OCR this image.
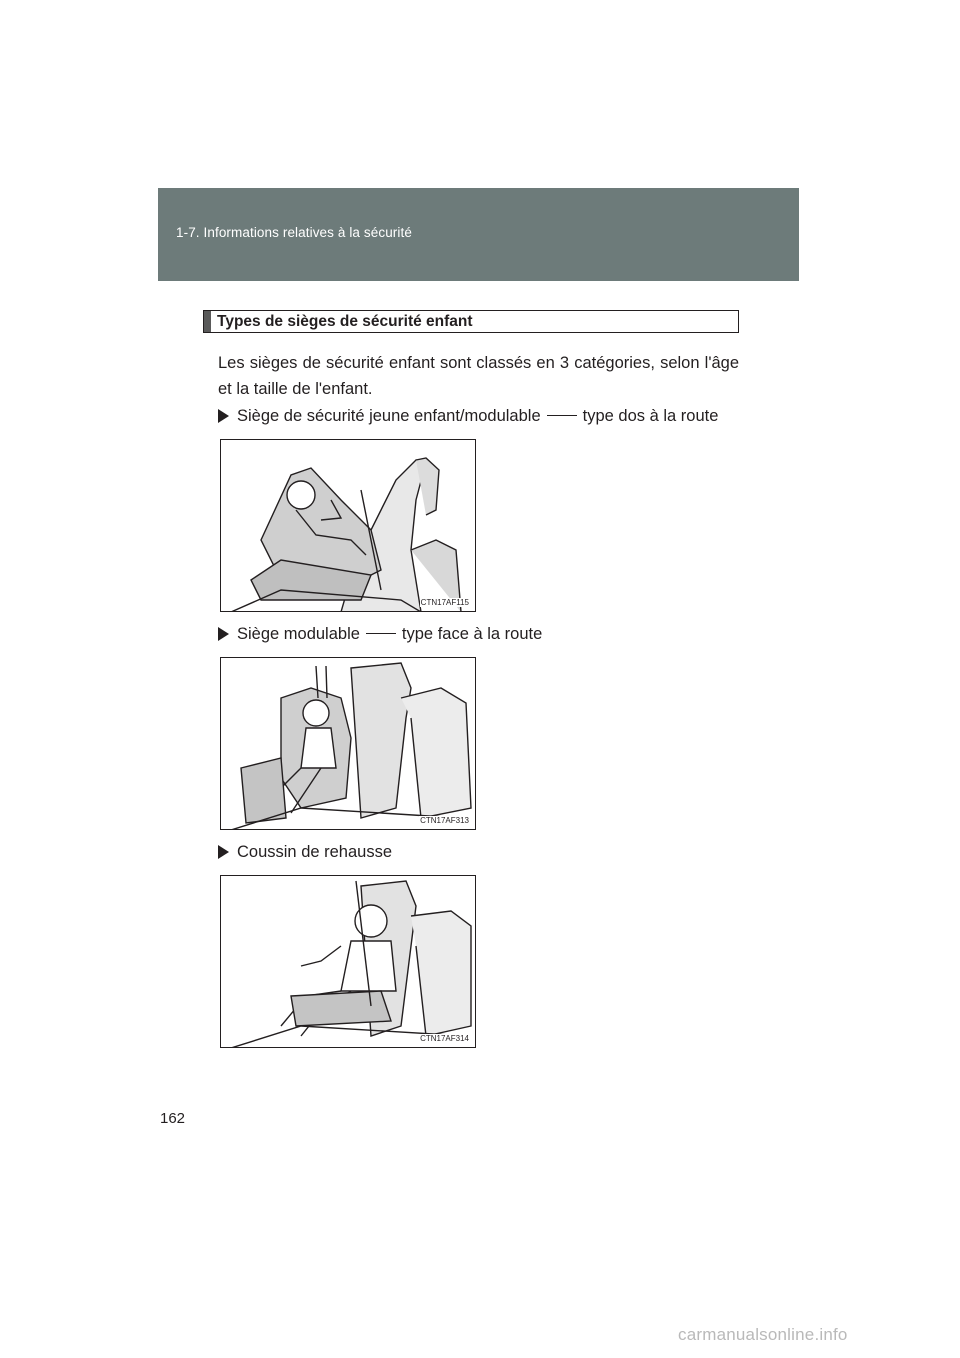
1-7. Informations relatives à la sécurité
Types de sièges de sécurité enfant
Les sièges de sécurité enfant sont classés en 3 catégories, selon l'âge et la taille de l'enfant.
Siège de sécurité jeune enfant/modulable	type dos à la route
CTN17AF115
Siège modulable	type face à la route
CTN17AF313
Coussin de rehausse
CTN17AF314
162
carmanualsonline.info
